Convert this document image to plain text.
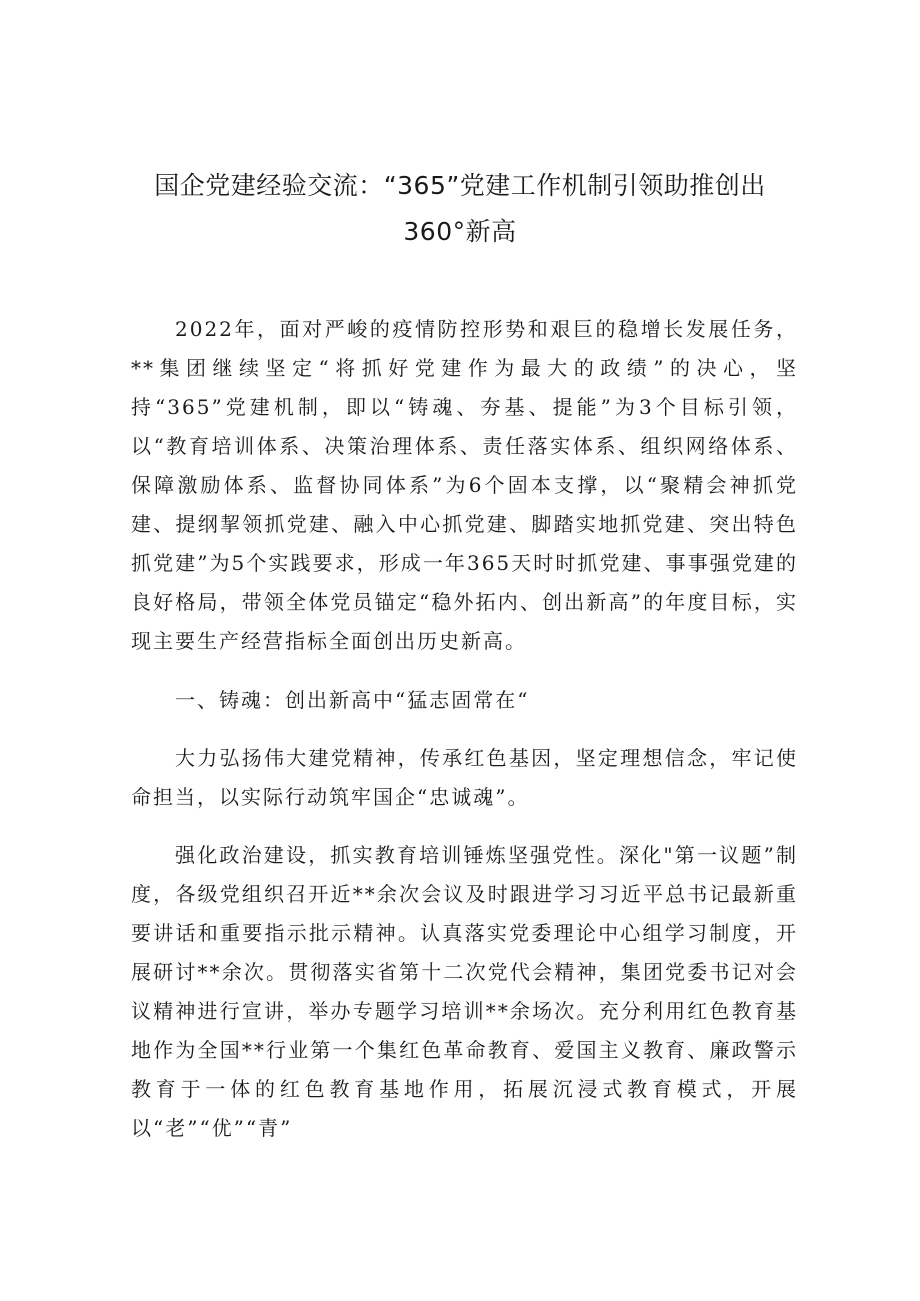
国企党建经验交流：“365”党建工作机制引领助推创出
360°新高

2022年，面对严峻的疫情防控形势和艰巨的稳增长发展任务，**集团继续坚定“将抓好党建作为最大的政绩”的决心，坚持“365”党建机制，即以“铸魂、夯基、提能”为3个目标引领，以“教育培训体系、决策治理体系、责任落实体系、组织网络体系、保障激励体系、监督协同体系”为6个固本支撑，以“聚精会神抓党建、提纲挈领抓党建、融入中心抓党建、脚踏实地抓党建、突出特色抓党建”为5个实践要求，形成一年365天时时抓党建、事事强党建的良好格局，带领全体党员锚定“稳外拓内、创出新高”的年度目标，实现主要生产经营指标全面创出历史新高。

一、铸魂：创出新高中“猛志固常在“

大力弘扬伟大建党精神，传承红色基因，坚定理想信念，牢记使命担当，以实际行动筑牢国企“忠诚魂”。

强化政治建设，抓实教育培训锤炼坚强党性。深化"第一议题”制度，各级党组织召开近**余次会议及时跟进学习习近平总书记最新重要讲话和重要指示批示精神。认真落实党委理论中心组学习制度，开展研讨**余次。贯彻落实省第十二次党代会精神，集团党委书记对会议精神进行宣讲，举办专题学习培训**余场次。充分利用红色教育基地作为全国**行业第一个集红色革命教育、爱国主义教育、廉政警示教育于一体的红色教育基地作用，拓展沉浸式教育模式，开展以“老”“优”“青”
